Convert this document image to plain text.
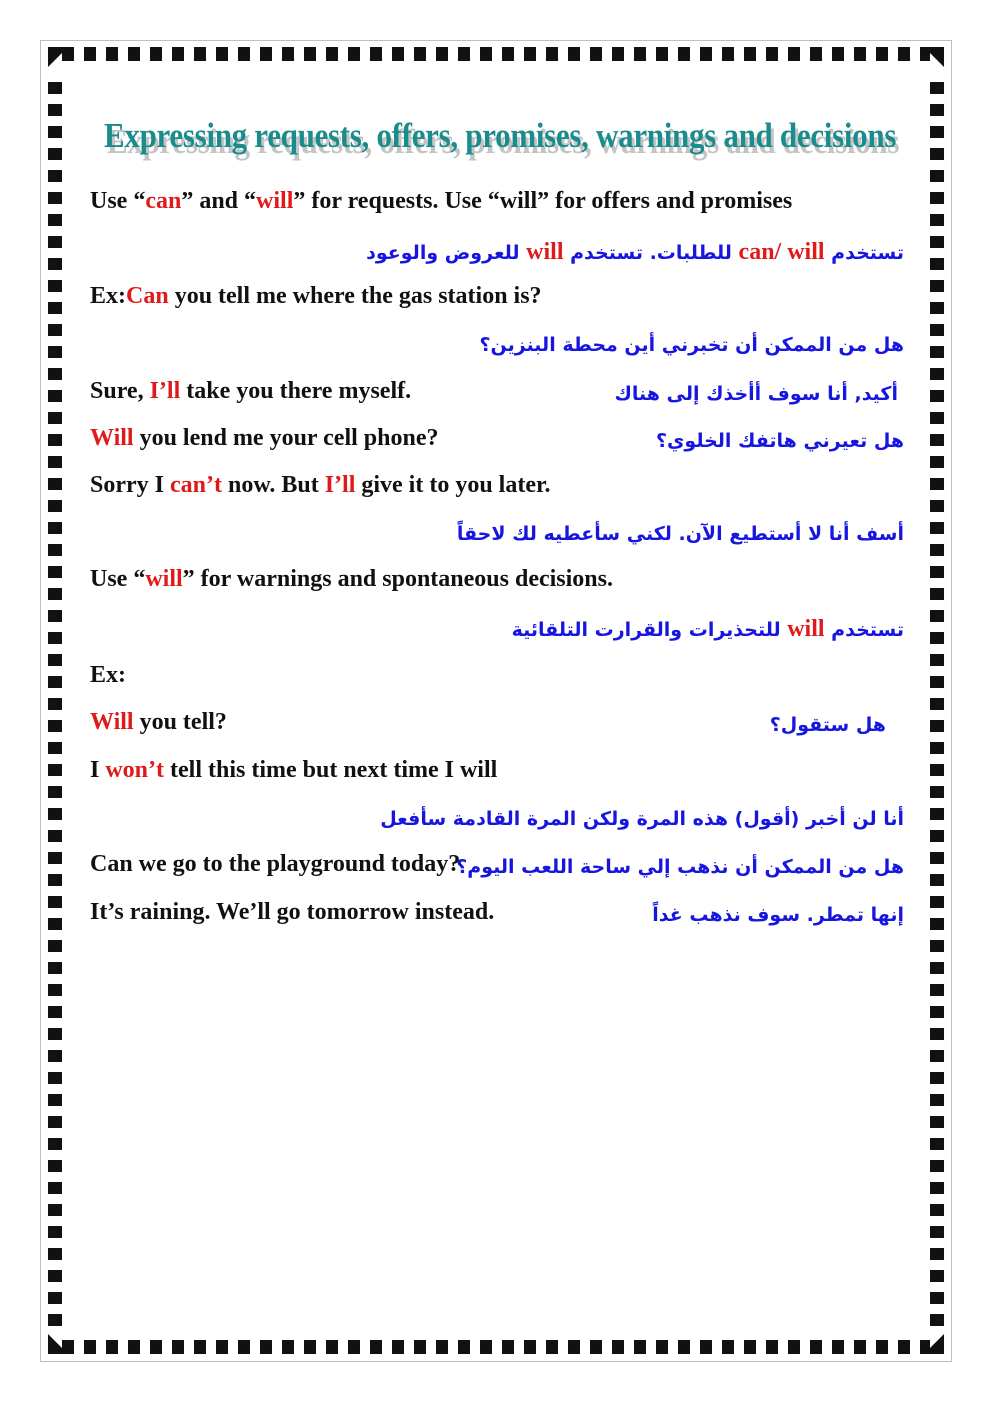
Expressing requests, offers, promises, warnings and decisions
Use “can” and “will” for requests. Use “will” for offers and promises
تستخدم can/ will للطلبات. تستخدم will للعروض والوعود
Ex:Can you tell me where the gas station is?
هل من الممكن أن تخبرني أين محطة البنزين؟
Sure, I’ll take you there myself.	أكيد, أنا سوف أأخذك إلى هناك
Will you lend me your cell phone?	هل تعيرني هاتفك الخلوي؟
Sorry I can’t now. But I’ll give it to you later.
أسف أنا لا أستطيع الآن. لكني سأعطيه لك لاحقاً
Use “will” for warnings and spontaneous decisions.
تستخدم will للتحذيرات والقرارت التلقائية
Ex:
Will you tell?	هل ستقول؟
I won’t tell this time but next time I will
أنا لن أخبر (أقول) هذه المرة ولكن المرة القادمة سأفعل
Can we go to the playground today?
هل من الممكن أن نذهب إلي ساحة اللعب اليوم؟
It’s raining. We’ll go tomorrow instead.	إنها تمطر. سوف نذهب غداً
